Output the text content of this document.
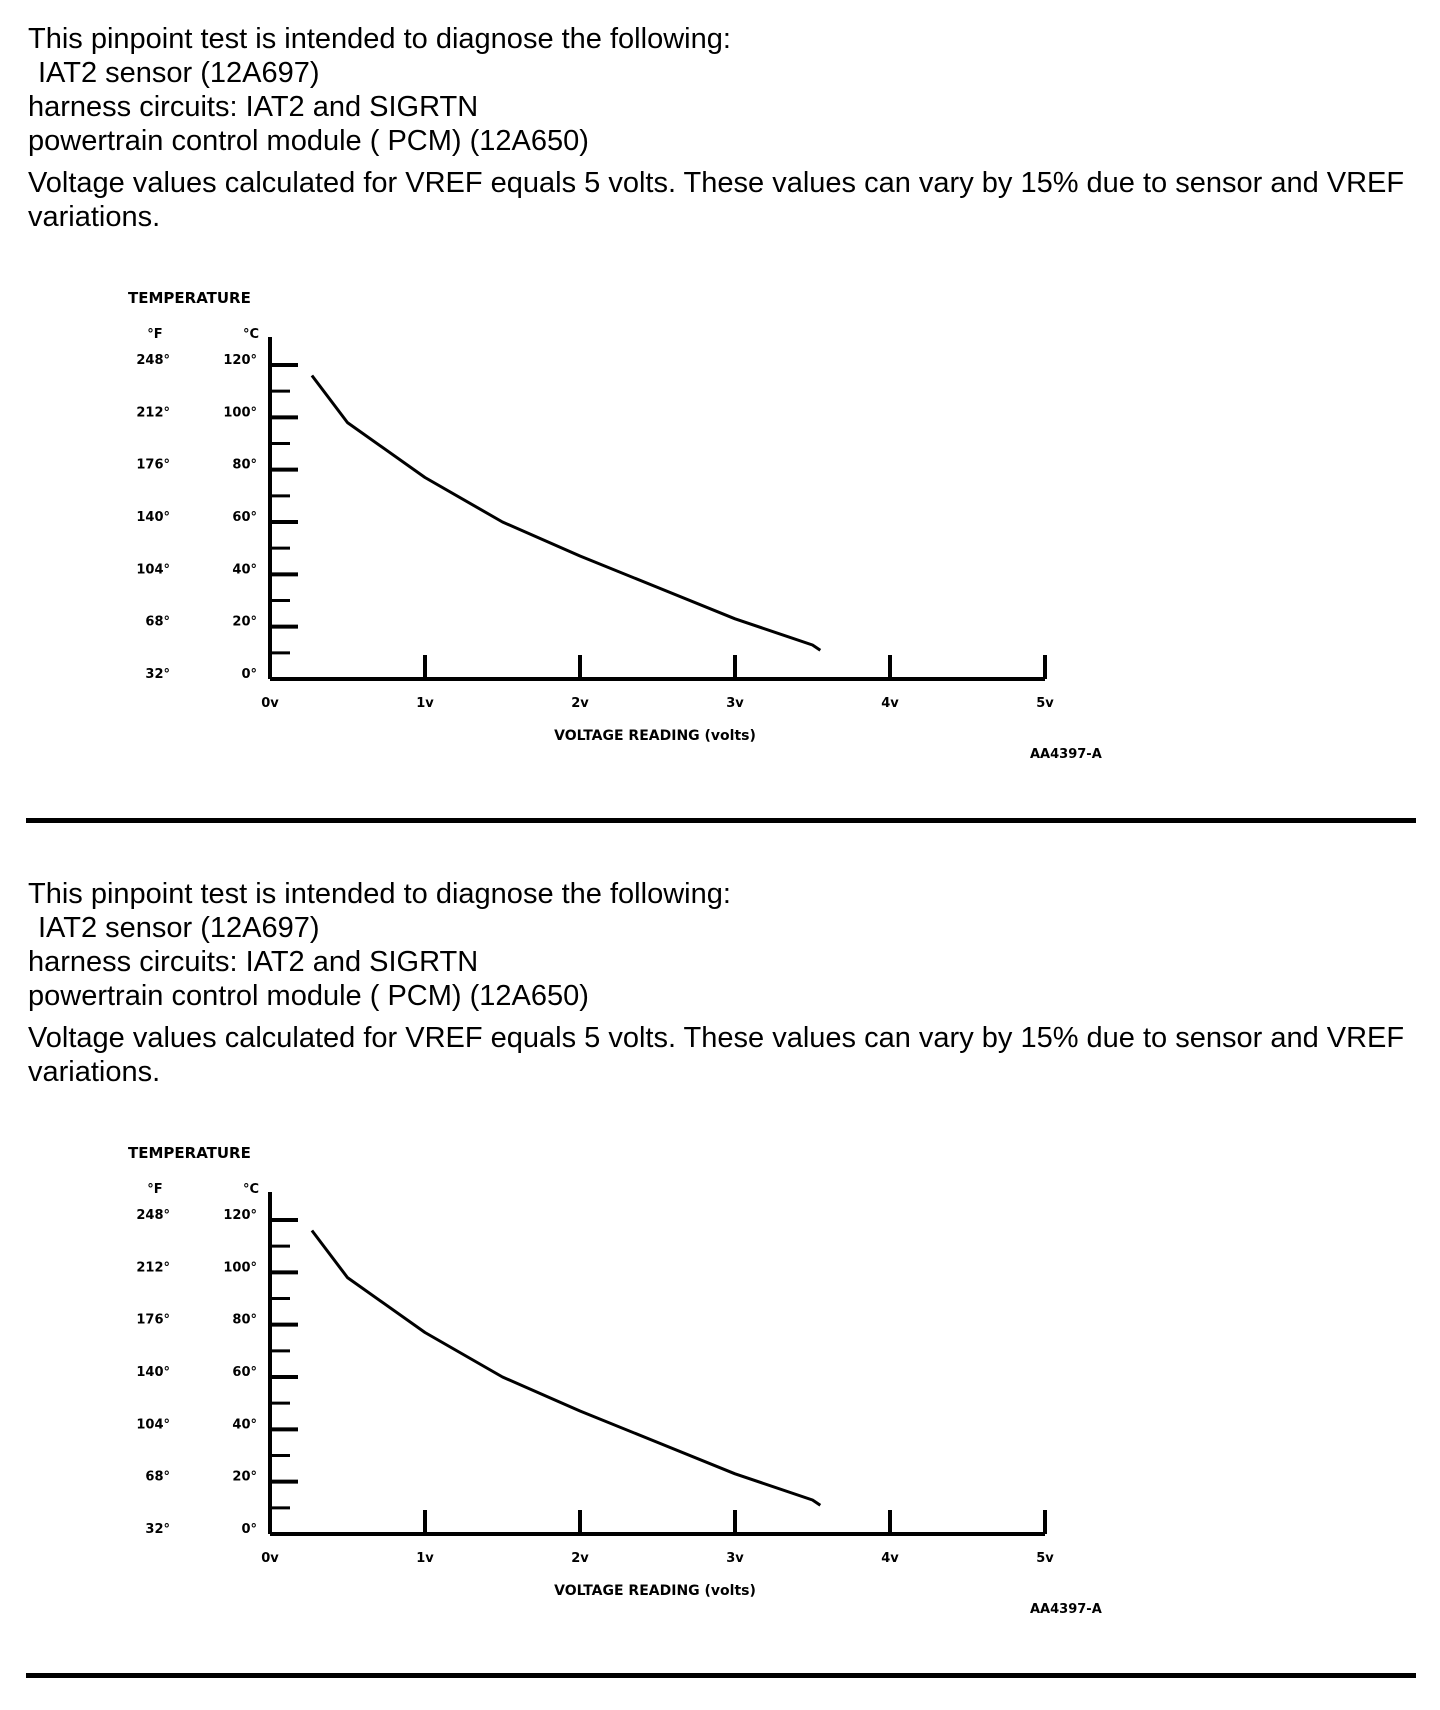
0v	1v	2v	3v	4v	5v
0°
20°
40°
60°
80°
100°
120°
32°
68°
104°
140°
176°
212°
248°
TEMPERATURE
°F	°C
VOLTAGE READING (volts)
AA4397-A
This pinpoint test is intended to diagnose the following:
IAT2 sensor (12A697)
harness circuits: IAT2 and SIGRTN
powertrain control module ( PCM) (12A650)
Voltage values calculated for VREF equals 5 volts. These values can vary by 15% due to sensor and VREF variations.
0v	1v	2v	3v	4v	5v
0°
20°
40°
60°
80°
100°
120°
32°
68°
104°
140°
176°
212°
248°
TEMPERATURE
°F	°C
VOLTAGE READING (volts)
AA4397-A
This pinpoint test is intended to diagnose the following:
IAT2 sensor (12A697)
harness circuits: IAT2 and SIGRTN
powertrain control module ( PCM) (12A650)
Voltage values calculated for VREF equals 5 volts. These values can vary by 15% due to sensor and VREF variations.
